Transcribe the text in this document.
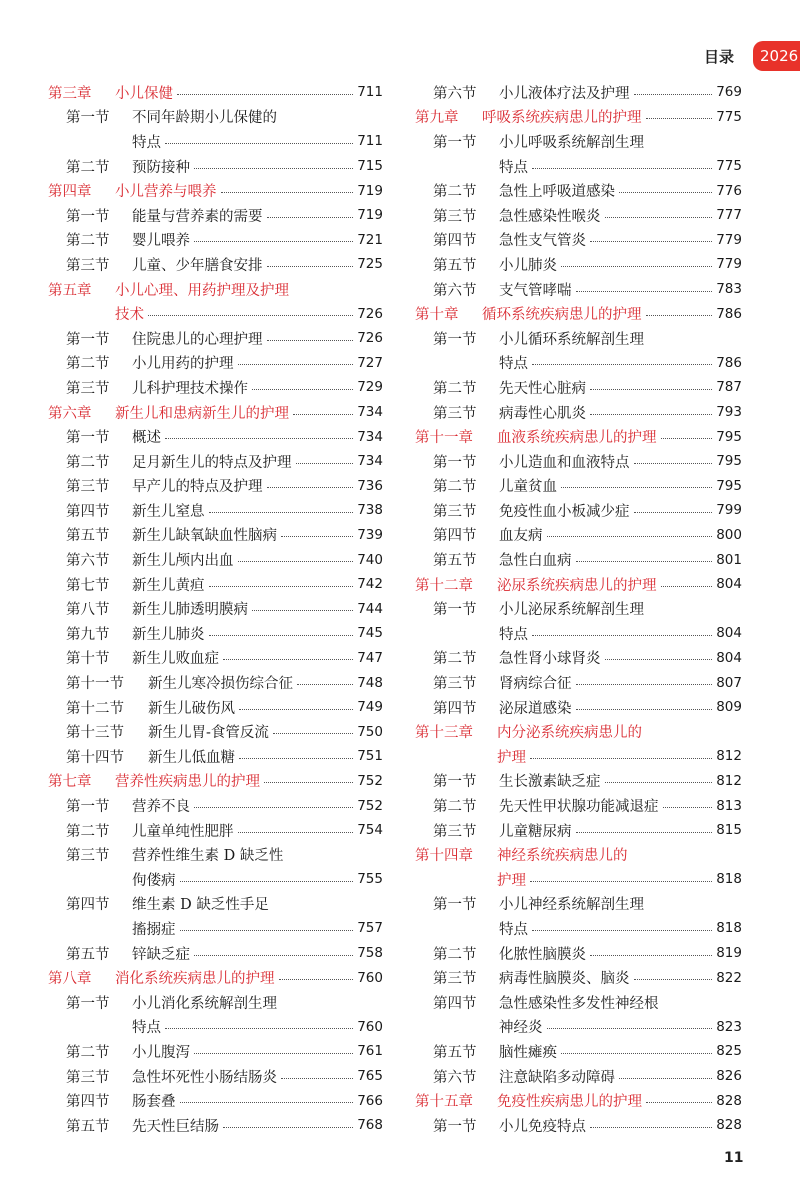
目录	2026
第三章	小儿保健	711
第一节	不同年龄期小儿保健的
特点	711
第二节	预防接种	715
第四章	小儿营养与喂养	719
第一节	能量与营养素的需要	719
第二节	婴儿喂养	721
第三节	儿童、少年膳食安排	725
第五章	小儿心理、用药护理及护理
技术	726
第一节	住院患儿的心理护理	726
第二节	小儿用药的护理	727
第三节	儿科护理技术操作	729
第六章	新生儿和患病新生儿的护理	734
第一节	概述	734
第二节	足月新生儿的特点及护理	734
第三节	早产儿的特点及护理	736
第四节	新生儿窒息	738
第五节	新生儿缺氧缺血性脑病	739
第六节	新生儿颅内出血	740
第七节	新生儿黄疸	742
第八节	新生儿肺透明膜病	744
第九节	新生儿肺炎	745
第十节	新生儿败血症	747
第十一节	新生儿寒冷损伤综合征	748
第十二节	新生儿破伤风	749
第十三节	新生儿胃-食管反流	750
第十四节	新生儿低血糖	751
第七章	营养性疾病患儿的护理	752
第一节	营养不良	752
第二节	儿童单纯性肥胖	754
第三节	营养性维生素 D 缺乏性
佝偻病	755
第四节	维生素 D 缺乏性手足
搐搦症	757
第五节	锌缺乏症	758
第八章	消化系统疾病患儿的护理	760
第一节	小儿消化系统解剖生理
特点	760
第二节	小儿腹泻	761
第三节	急性坏死性小肠结肠炎	765
第四节	肠套叠	766
第五节	先天性巨结肠	768
第六节	小儿液体疗法及护理	769
第九章	呼吸系统疾病患儿的护理	775
第一节	小儿呼吸系统解剖生理
特点	775
第二节	急性上呼吸道感染	776
第三节	急性感染性喉炎	777
第四节	急性支气管炎	779
第五节	小儿肺炎	779
第六节	支气管哮喘	783
第十章	循环系统疾病患儿的护理	786
第一节	小儿循环系统解剖生理
特点	786
第二节	先天性心脏病	787
第三节	病毒性心肌炎	793
第十一章	血液系统疾病患儿的护理	795
第一节	小儿造血和血液特点	795
第二节	儿童贫血	795
第三节	免疫性血小板减少症	799
第四节	血友病	800
第五节	急性白血病	801
第十二章	泌尿系统疾病患儿的护理	804
第一节	小儿泌尿系统解剖生理
特点	804
第二节	急性肾小球肾炎	804
第三节	肾病综合征	807
第四节	泌尿道感染	809
第十三章	内分泌系统疾病患儿的
护理	812
第一节	生长激素缺乏症	812
第二节	先天性甲状腺功能减退症	813
第三节	儿童糖尿病	815
第十四章	神经系统疾病患儿的
护理	818
第一节	小儿神经系统解剖生理
特点	818
第二节	化脓性脑膜炎	819
第三节	病毒性脑膜炎、脑炎	822
第四节	急性感染性多发性神经根
神经炎	823
第五节	脑性瘫痪	825
第六节	注意缺陷多动障碍	826
第十五章	免疫性疾病患儿的护理	828
第一节	小儿免疫特点	828
11
